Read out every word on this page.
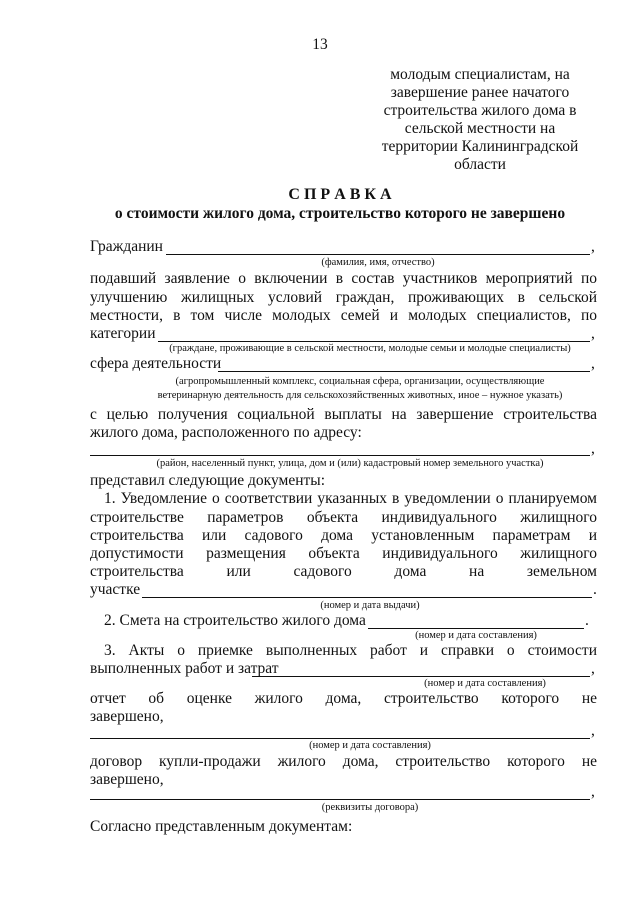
13
молодым специалистам, на
завершение ранее начатого
строительства жилого дома в
сельской местности на
территории Калининградской
области
С П Р А В К А
о стоимости жилого дома, строительство которого не завершено
Гражданин	,
(фамилия, имя, отчество)
подавший заявление о включении в состав участников мероприятий по
улучшению жилищных условий граждан, проживающих в сельской
местности, в том числе молодых семей и молодых специалистов, по
категории	,
(граждане, проживающие в сельской местности, молодые семьи и молодые специалисты)
сфера деятельности	,
(агропромышленный комплекс, социальная сфера, организации, осуществляющие
ветеринарную деятельность для сельскохозяйственных животных, иное – нужное указать)
с целью получения социальной выплаты на завершение строительства
жилого дома, расположенного по адресу:
,
(район, населенный пункт, улица, дом и (или) кадастровый номер земельного участка)
представил следующие документы:
1. Уведомление о соответствии указанных в уведомлении о планируемом
строительстве параметров объекта индивидуального жилищного
строительства или садового дома установленным параметрам и
допустимости размещения объекта индивидуального жилищного
строительства или садового дома на земельном
участке	.
(номер и дата выдачи)
2. Смета на строительство жилого дома	.
(номер и дата составления)
3. Акты о приемке выполненных работ и справки о стоимости
выполненных работ и затрат	,
(номер и дата составления)
отчет об оценке жилого дома, строительство которого не
завершено,
,
(номер и дата составления)
договор купли-продажи жилого дома, строительство которого не
завершено,
,
(реквизиты договора)
Согласно представленным документам:
